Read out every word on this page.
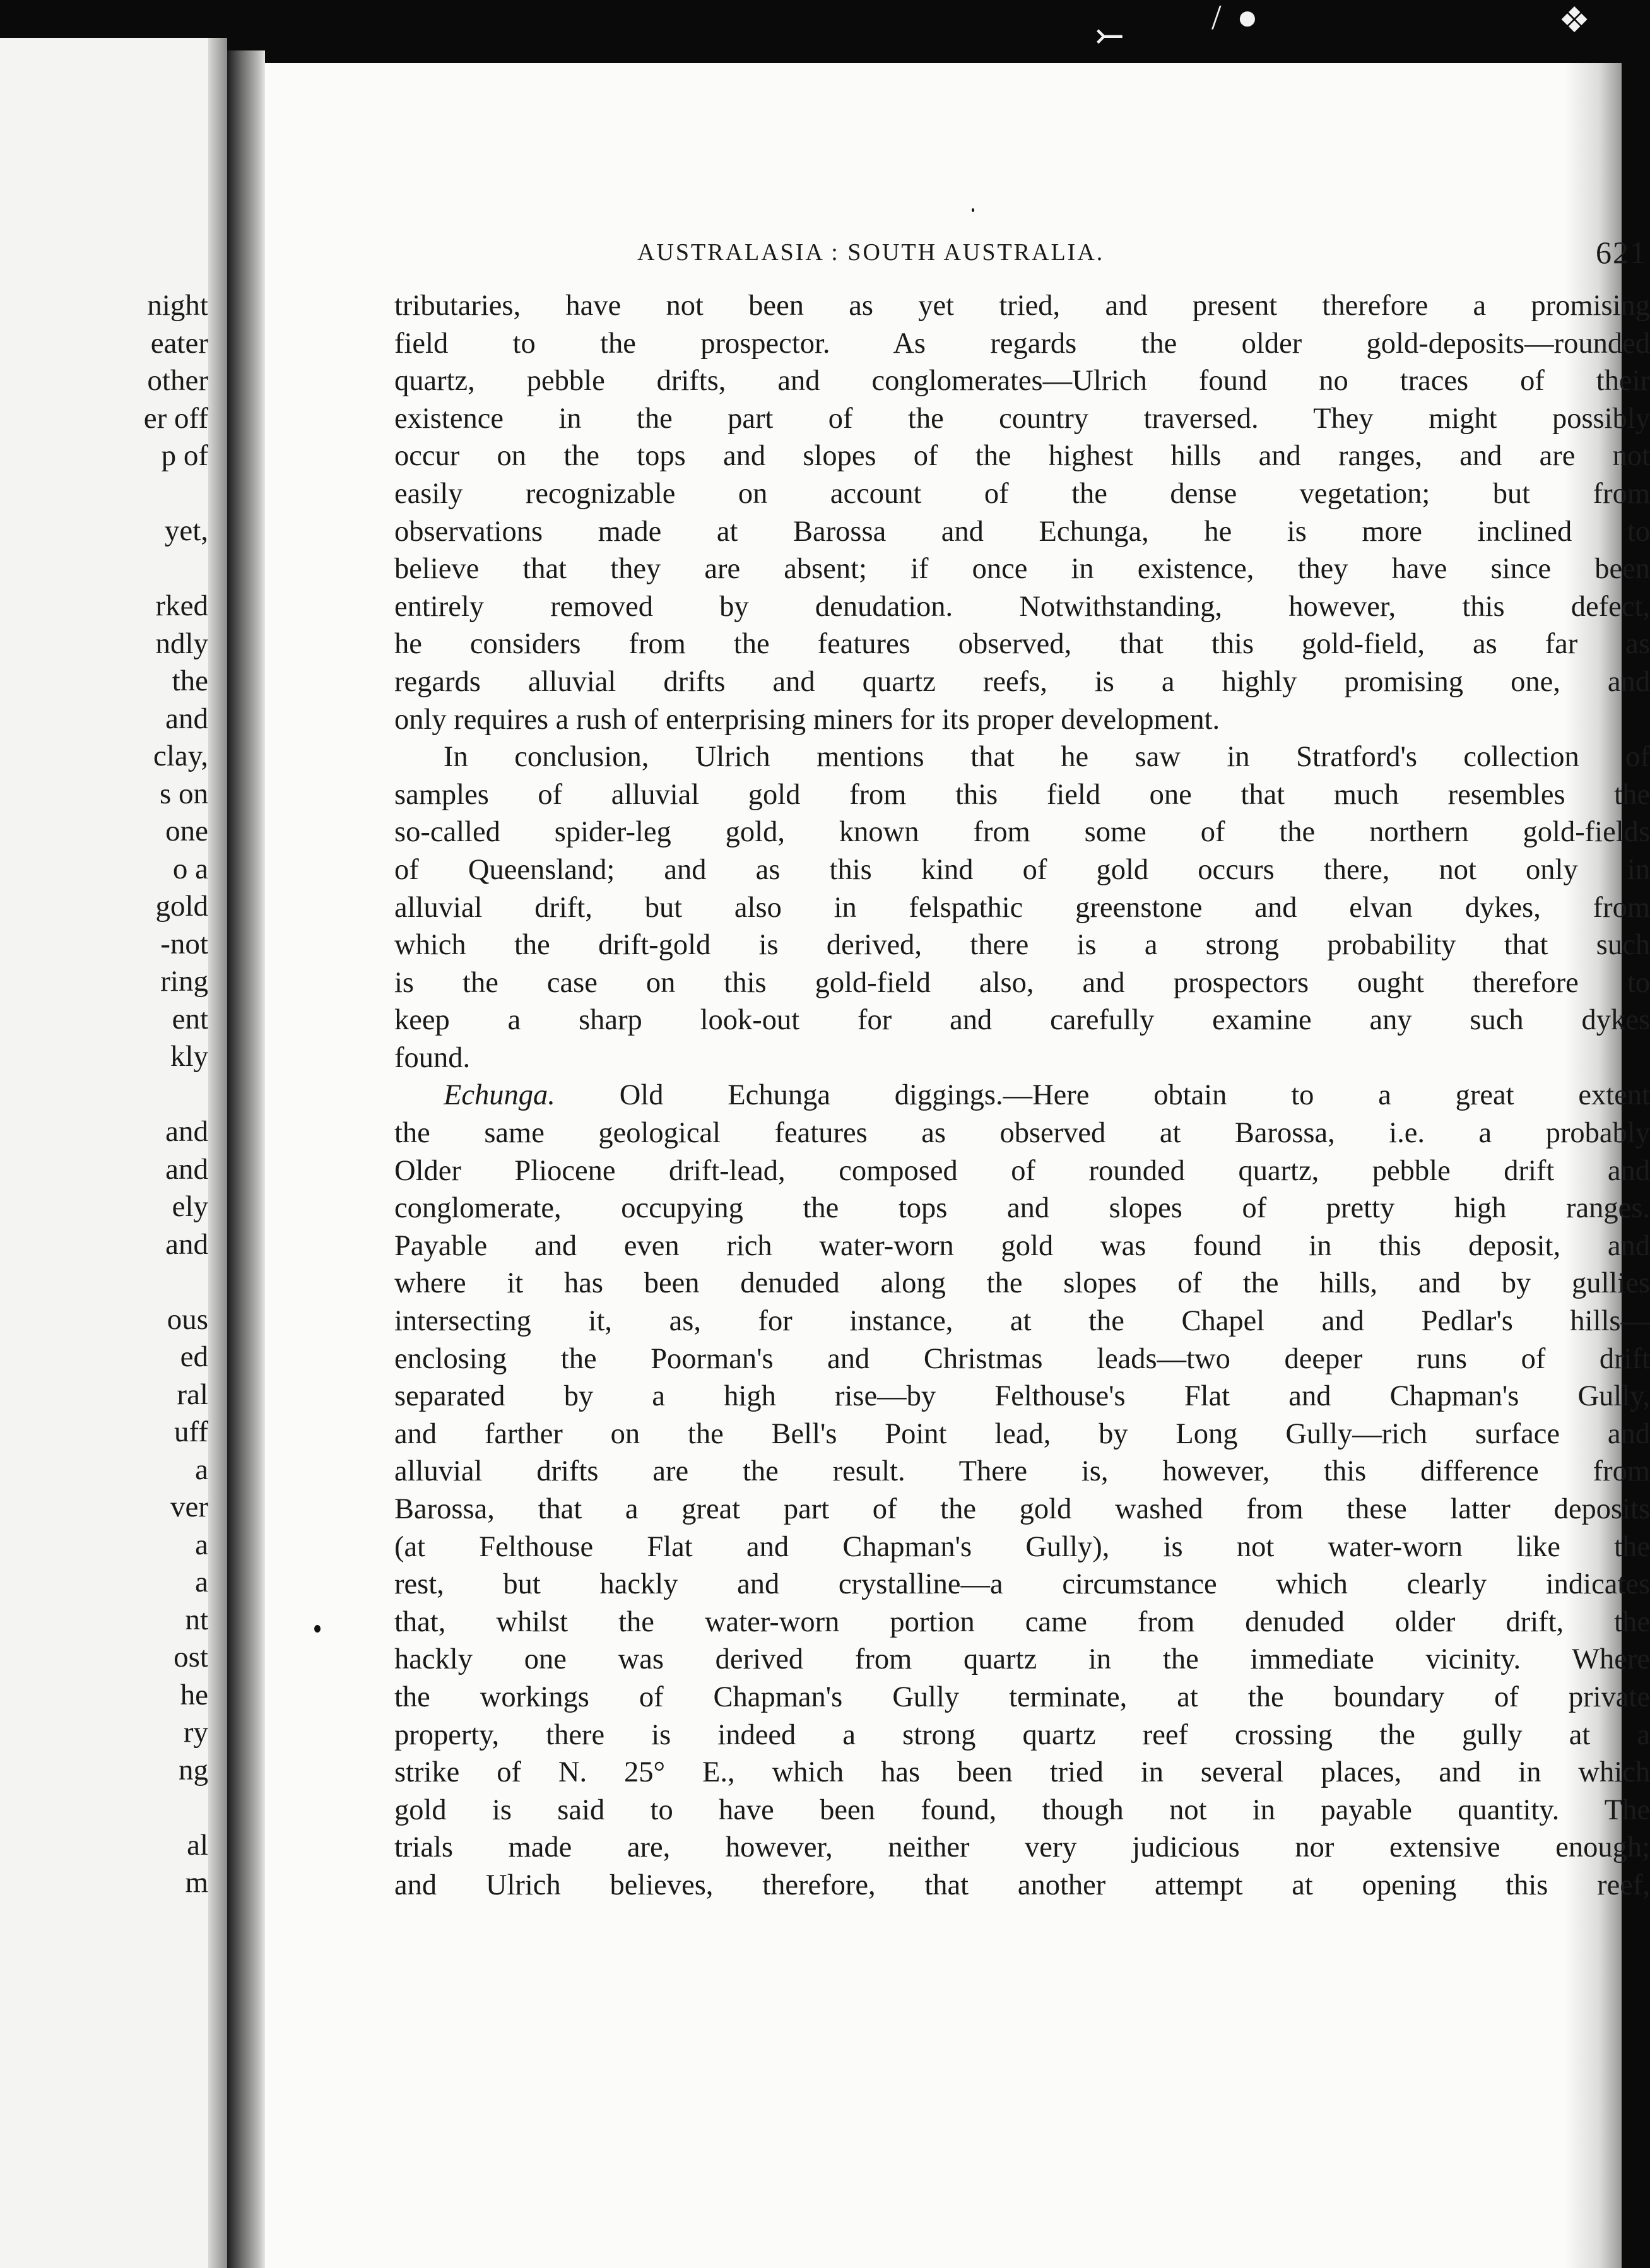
⤚ / ●	❖
night
eater
other
er off
p of
yet,
rked
ndly
the
and
clay,
s on
one
o a
gold
-not
ring
ent
kly
and
and
ely
and
ous
ed
ral
uff
a
ver
a
a
nt
ost
he
ry
ng
al
m
AUSTRALASIA : SOUTH AUSTRALIA.	621
tributaries, have not been as yet tried, and present therefore a promising
field to the prospector. As regards the older gold-deposits—rounded
quartz, pebble drifts, and conglomerates—Ulrich found no traces of their
existence in the part of the country traversed. They might possibly
occur on the tops and slopes of the highest hills and ranges, and are not
easily recognizable on account of the dense vegetation; but from
observations made at Barossa and Echunga, he is more inclined to
believe that they are absent; if once in existence, they have since been
entirely removed by denudation. Notwithstanding, however, this defect,
he considers from the features observed, that this gold-field, as far as
regards alluvial drifts and quartz reefs, is a highly promising one, and
only requires a rush of enterprising miners for its proper development.
In conclusion, Ulrich mentions that he saw in Stratford's collection of
samples of alluvial gold from this field one that much resembles the
so-called spider-leg gold, known from some of the northern gold-fields
of Queensland; and as this kind of gold occurs there, not only in
alluvial drift, but also in felspathic greenstone and elvan dykes, from
which the drift-gold is derived, there is a strong probability that such
is the case on this gold-field also, and prospectors ought therefore to
keep a sharp look-out for and carefully examine any such dykes
found.
Echunga. Old Echunga diggings.—Here obtain to a great extent
the same geological features as observed at Barossa, i.e. a probably
Older Pliocene drift-lead, composed of rounded quartz, pebble drift and
conglomerate, occupying the tops and slopes of pretty high ranges.
Payable and even rich water-worn gold was found in this deposit, and
where it has been denuded along the slopes of the hills, and by gullies
intersecting it, as, for instance, at the Chapel and Pedlar's hills—
enclosing the Poorman's and Christmas leads—two deeper runs of drift
separated by a high rise—by Felthouse's Flat and Chapman's Gully,
and farther on the Bell's Point lead, by Long Gully—rich surface and
alluvial drifts are the result. There is, however, this difference from
Barossa, that a great part of the gold washed from these latter deposits
(at Felthouse Flat and Chapman's Gully), is not water-worn like the
rest, but hackly and crystalline—a circumstance which clearly indicates
that, whilst the water-worn portion came from denuded older drift, the
hackly one was derived from quartz in the immediate vicinity. Where
the workings of Chapman's Gully terminate, at the boundary of private
property, there is indeed a strong quartz reef crossing the gully at a
strike of N. 25° E., which has been tried in several places, and in which
gold is said to have been found, though not in payable quantity. The
trials made are, however, neither very judicious nor extensive enough;
and Ulrich believes, therefore, that another attempt at opening this reef,
